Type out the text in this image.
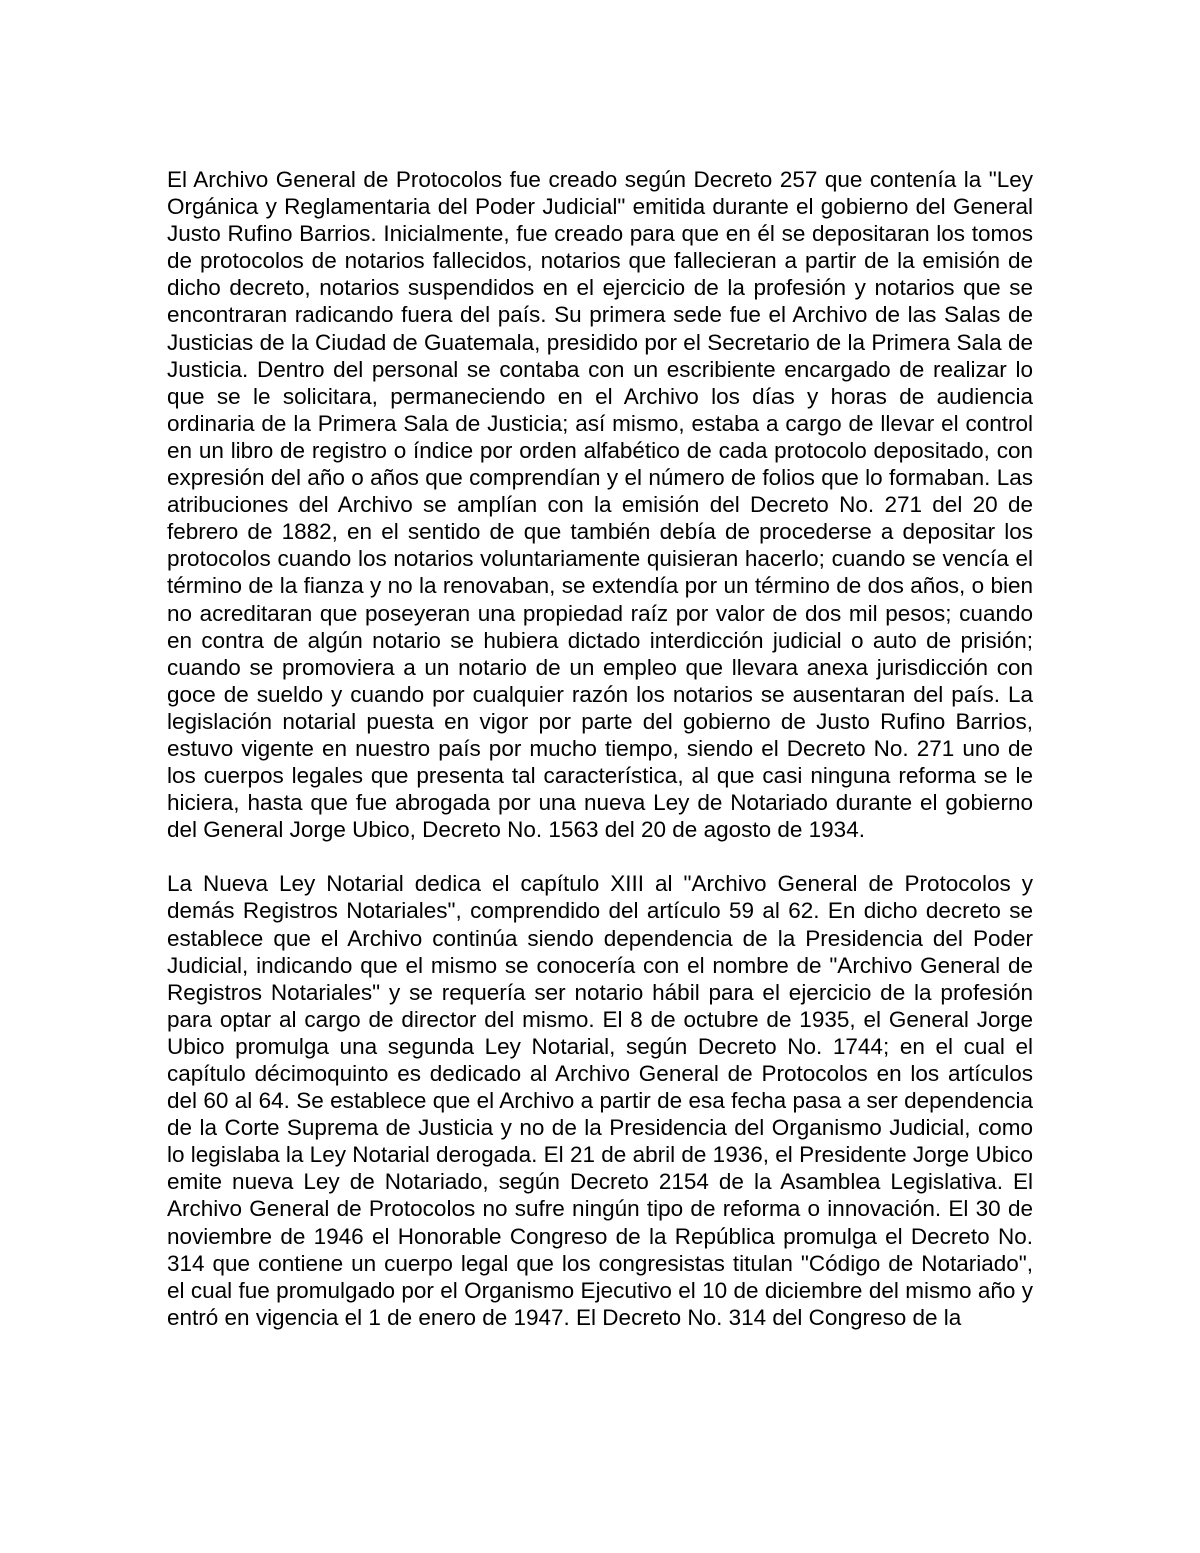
El Archivo General de Protocolos fue creado según Decreto 257 que contenía la "Ley Orgánica y Reglamentaria del Poder Judicial" emitida durante el gobierno del General Justo Rufino Barrios. Inicialmente, fue creado para que en él se depositaran los tomos de protocolos de notarios fallecidos, notarios que fallecieran a partir de la emisión de dicho decreto, notarios suspendidos en el ejercicio de la profesión y notarios que se encontraran radicando fuera del país. Su primera sede fue el Archivo de las Salas de Justicias de la Ciudad de Guatemala, presidido por el Secretario de la Primera Sala de Justicia. Dentro del personal se contaba con un escribiente encargado de realizar lo que se le solicitara, permaneciendo en el Archivo los días y horas de audiencia ordinaria de la Primera Sala de Justicia; así mismo, estaba a cargo de llevar el control en un libro de registro o índice por orden alfabético de cada protocolo depositado, con expresión del año o años que comprendían y el número de folios que lo formaban. Las atribuciones del Archivo se amplían con la emisión del Decreto No. 271 del 20 de febrero de 1882, en el sentido de que también debía de procederse a depositar los protocolos cuando los notarios voluntariamente quisieran hacerlo; cuando se vencía el término de la fianza y no la renovaban, se extendía por un término de dos años, o bien no acreditaran que poseyeran una propiedad raíz por valor de dos mil pesos; cuando en contra de algún notario se hubiera dictado interdicción judicial o auto de prisión; cuando se promoviera a un notario de un empleo que llevara anexa jurisdicción con goce de sueldo y cuando por cualquier razón los notarios se ausentaran del país. La legislación notarial puesta en vigor por parte del gobierno de Justo Rufino Barrios, estuvo vigente en nuestro país por mucho tiempo, siendo el Decreto No. 271 uno de los cuerpos legales que presenta tal característica, al que casi ninguna reforma se le hiciera, hasta que fue abrogada por una nueva Ley de Notariado durante el gobierno del General Jorge Ubico, Decreto No. 1563 del 20 de agosto de 1934.

La Nueva Ley Notarial dedica el capítulo XIII al "Archivo General de Protocolos y demás Registros Notariales", comprendido del artículo 59 al 62. En dicho decreto se establece que el Archivo continúa siendo dependencia de la Presidencia del Poder Judicial, indicando que el mismo se conocería con el nombre de "Archivo General de Registros Notariales" y se requería ser notario hábil para el ejercicio de la profesión para optar al cargo de director del mismo. El 8 de octubre de 1935, el General Jorge Ubico promulga una segunda Ley Notarial, según Decreto No. 1744; en el cual el capítulo décimoquinto es dedicado al Archivo General de Protocolos en los artículos del 60 al 64. Se establece que el Archivo a partir de esa fecha pasa a ser dependencia de la Corte Suprema de Justicia y no de la Presidencia del Organismo Judicial, como lo legislaba la Ley Notarial derogada. El 21 de abril de 1936, el Presidente Jorge Ubico emite nueva Ley de Notariado, según Decreto 2154 de la Asamblea Legislativa. El Archivo General de Protocolos no sufre ningún tipo de reforma o innovación. El 30 de noviembre de 1946 el Honorable Congreso de la República promulga el Decreto No. 314 que contiene un cuerpo legal que los congresistas titulan "Código de Notariado", el cual fue promulgado por el Organismo Ejecutivo el 10 de diciembre del mismo año y entró en vigencia el 1 de enero de 1947. El Decreto No. 314 del Congreso de la
